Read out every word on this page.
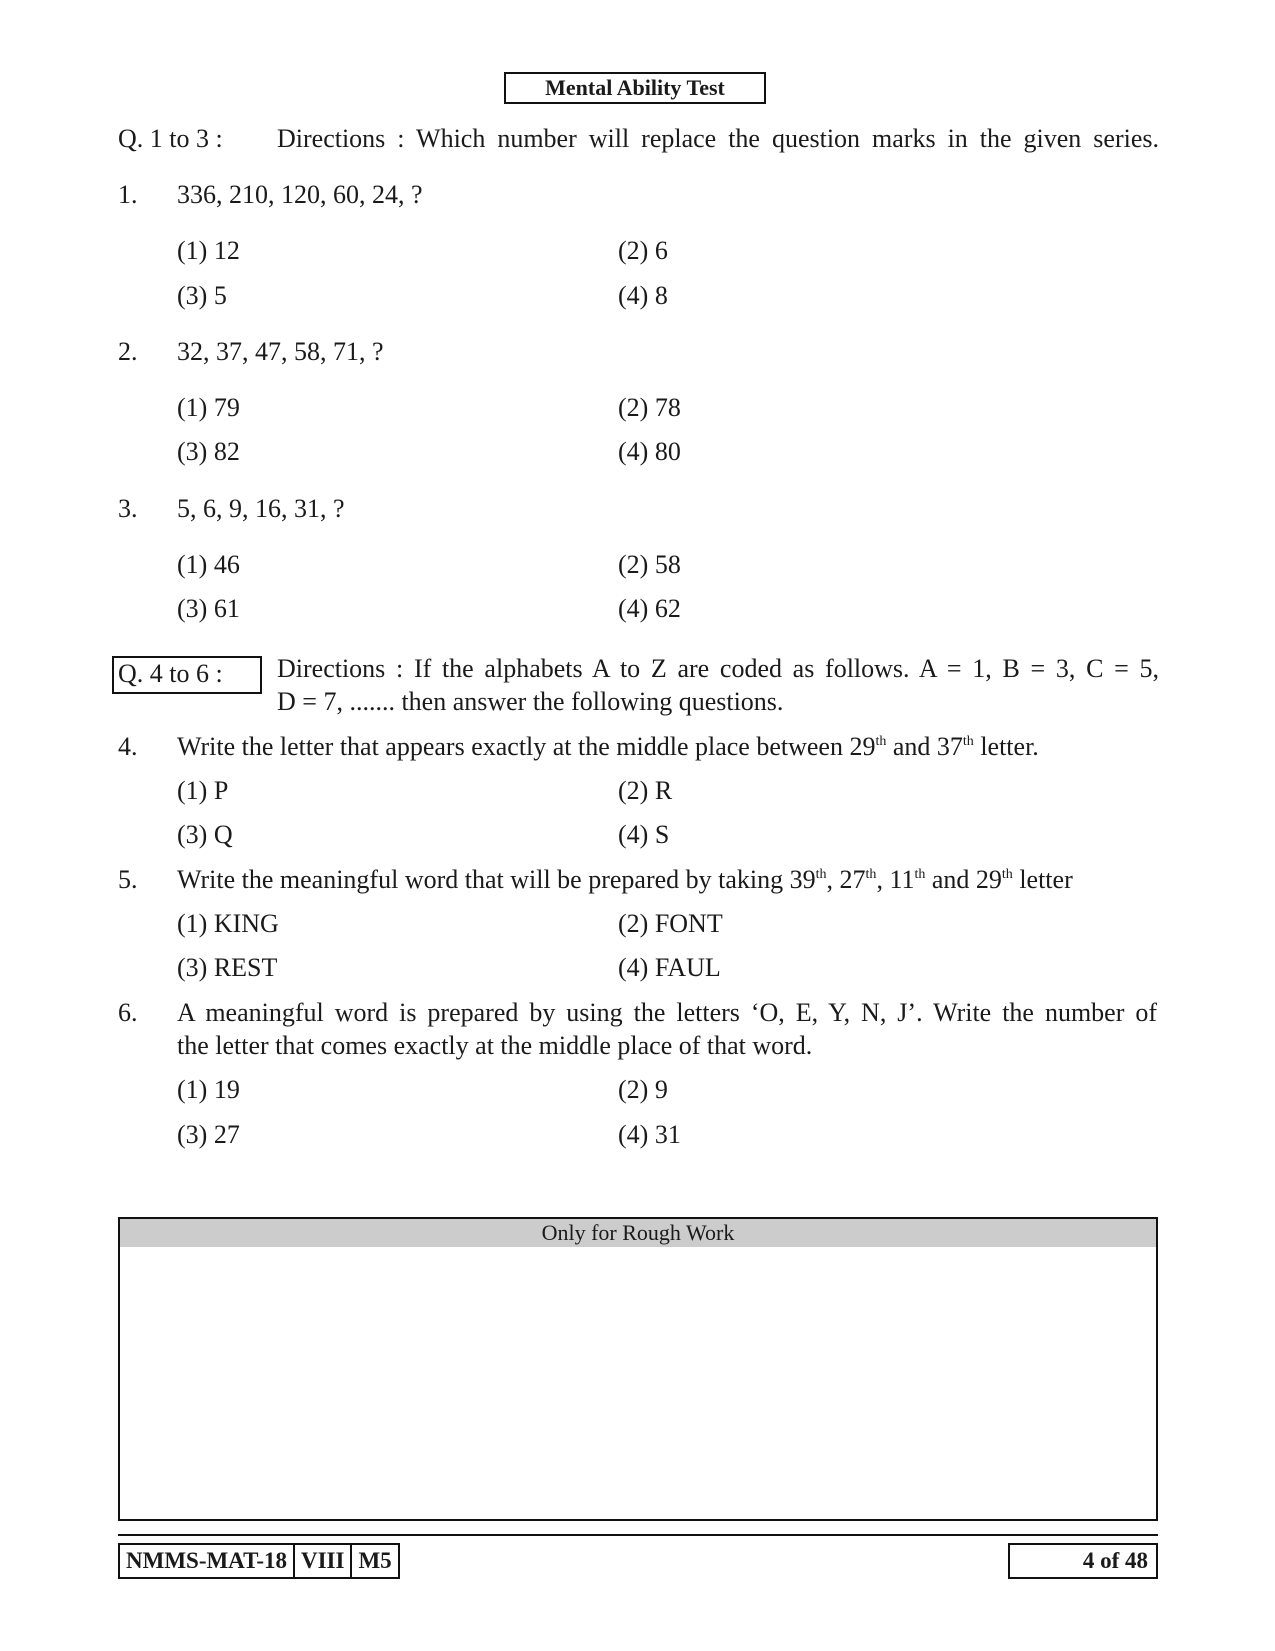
Mental Ability Test
Q. 1 to 3 : Directions : Which number will replace the question marks in the given series.
1. 336, 210, 120, 60, 24, ?
(1) 12	(2) 6
(3) 5	(4) 8
2. 32, 37, 47, 58, 71, ?
(1) 79	(2) 78
(3) 82	(4) 80
3. 5, 6, 9, 16, 31, ?
(1) 46	(2) 58
(3) 61	(4) 62
Q. 4 to 6 :	Directions : If the alphabets A to Z are coded as follows. A = 1, B = 3, C = 5,
D = 7, ....... then answer the following questions.
4. Write the letter that appears exactly at the middle place between 29th and 37th letter.
(1) P	(2) R
(3) Q	(4) S
5. Write the meaningful word that will be prepared by taking 39th, 27th, 11th and 29th letter
(1) KING	(2) FONT
(3) REST	(4) FAUL
6. A meaningful word is prepared by using the letters ‘O, E, Y, N, J’. Write the number of
the letter that comes exactly at the middle place of that word.
(1) 19	(2) 9
(3) 27	(4) 31
Only for Rough Work
NMMS-MAT-18 VIII M5	4 of 48
